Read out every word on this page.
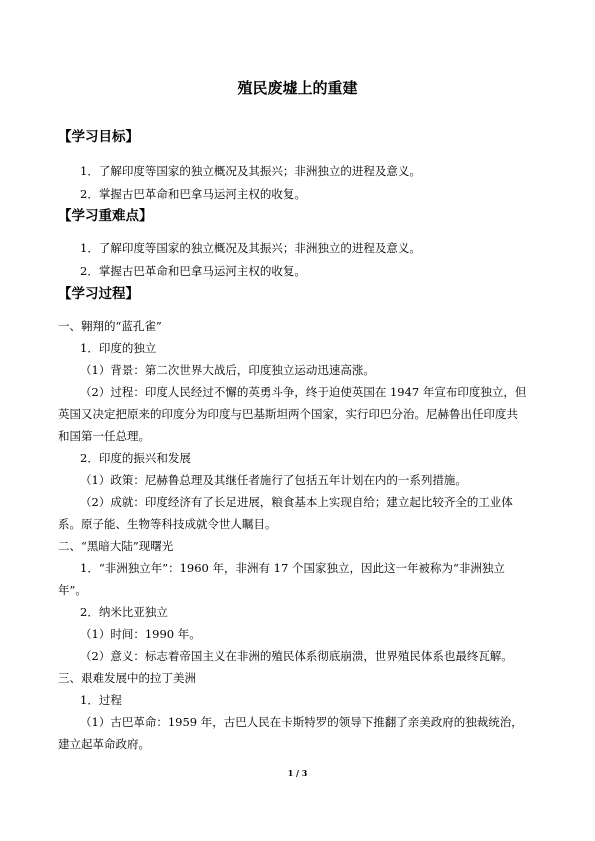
殖民废墟上的重建
【学习目标】
1．了解印度等国家的独立概况及其振兴；非洲独立的进程及意义。
2．掌握古巴革命和巴拿马运河主权的收复。
【学习重难点】
1．了解印度等国家的独立概况及其振兴；非洲独立的进程及意义。
2．掌握古巴革命和巴拿马运河主权的收复。
【学习过程】
一、翱翔的“蓝孔雀”
1．印度的独立
（1）背景：第二次世界大战后，印度独立运动迅速高涨。
（2）过程：印度人民经过不懈的英勇斗争，终于迫使英国在 1947 年宣布印度独立，但
英国又决定把原来的印度分为印度与巴基斯坦两个国家，实行印巴分治。尼赫鲁出任印度共
和国第一任总理。
2．印度的振兴和发展
（1）政策：尼赫鲁总理及其继任者施行了包括五年计划在内的一系列措施。
（2）成就：印度经济有了长足进展，粮食基本上实现自给；建立起比较齐全的工业体
系。原子能、生物等科技成就令世人瞩目。
二、“黑暗大陆”现曙光
1．“非洲独立年”：1960 年，非洲有 17 个国家独立，因此这一年被称为“非洲独立
年”。
2．纳米比亚独立
（1）时间：1990 年。
（2）意义：标志着帝国主义在非洲的殖民体系彻底崩溃，世界殖民体系也最终瓦解。
三、艰难发展中的拉丁美洲
1．过程
（1）古巴革命：1959 年，古巴人民在卡斯特罗的领导下推翻了亲美政府的独裁统治，
建立起革命政府。
1 / 3
